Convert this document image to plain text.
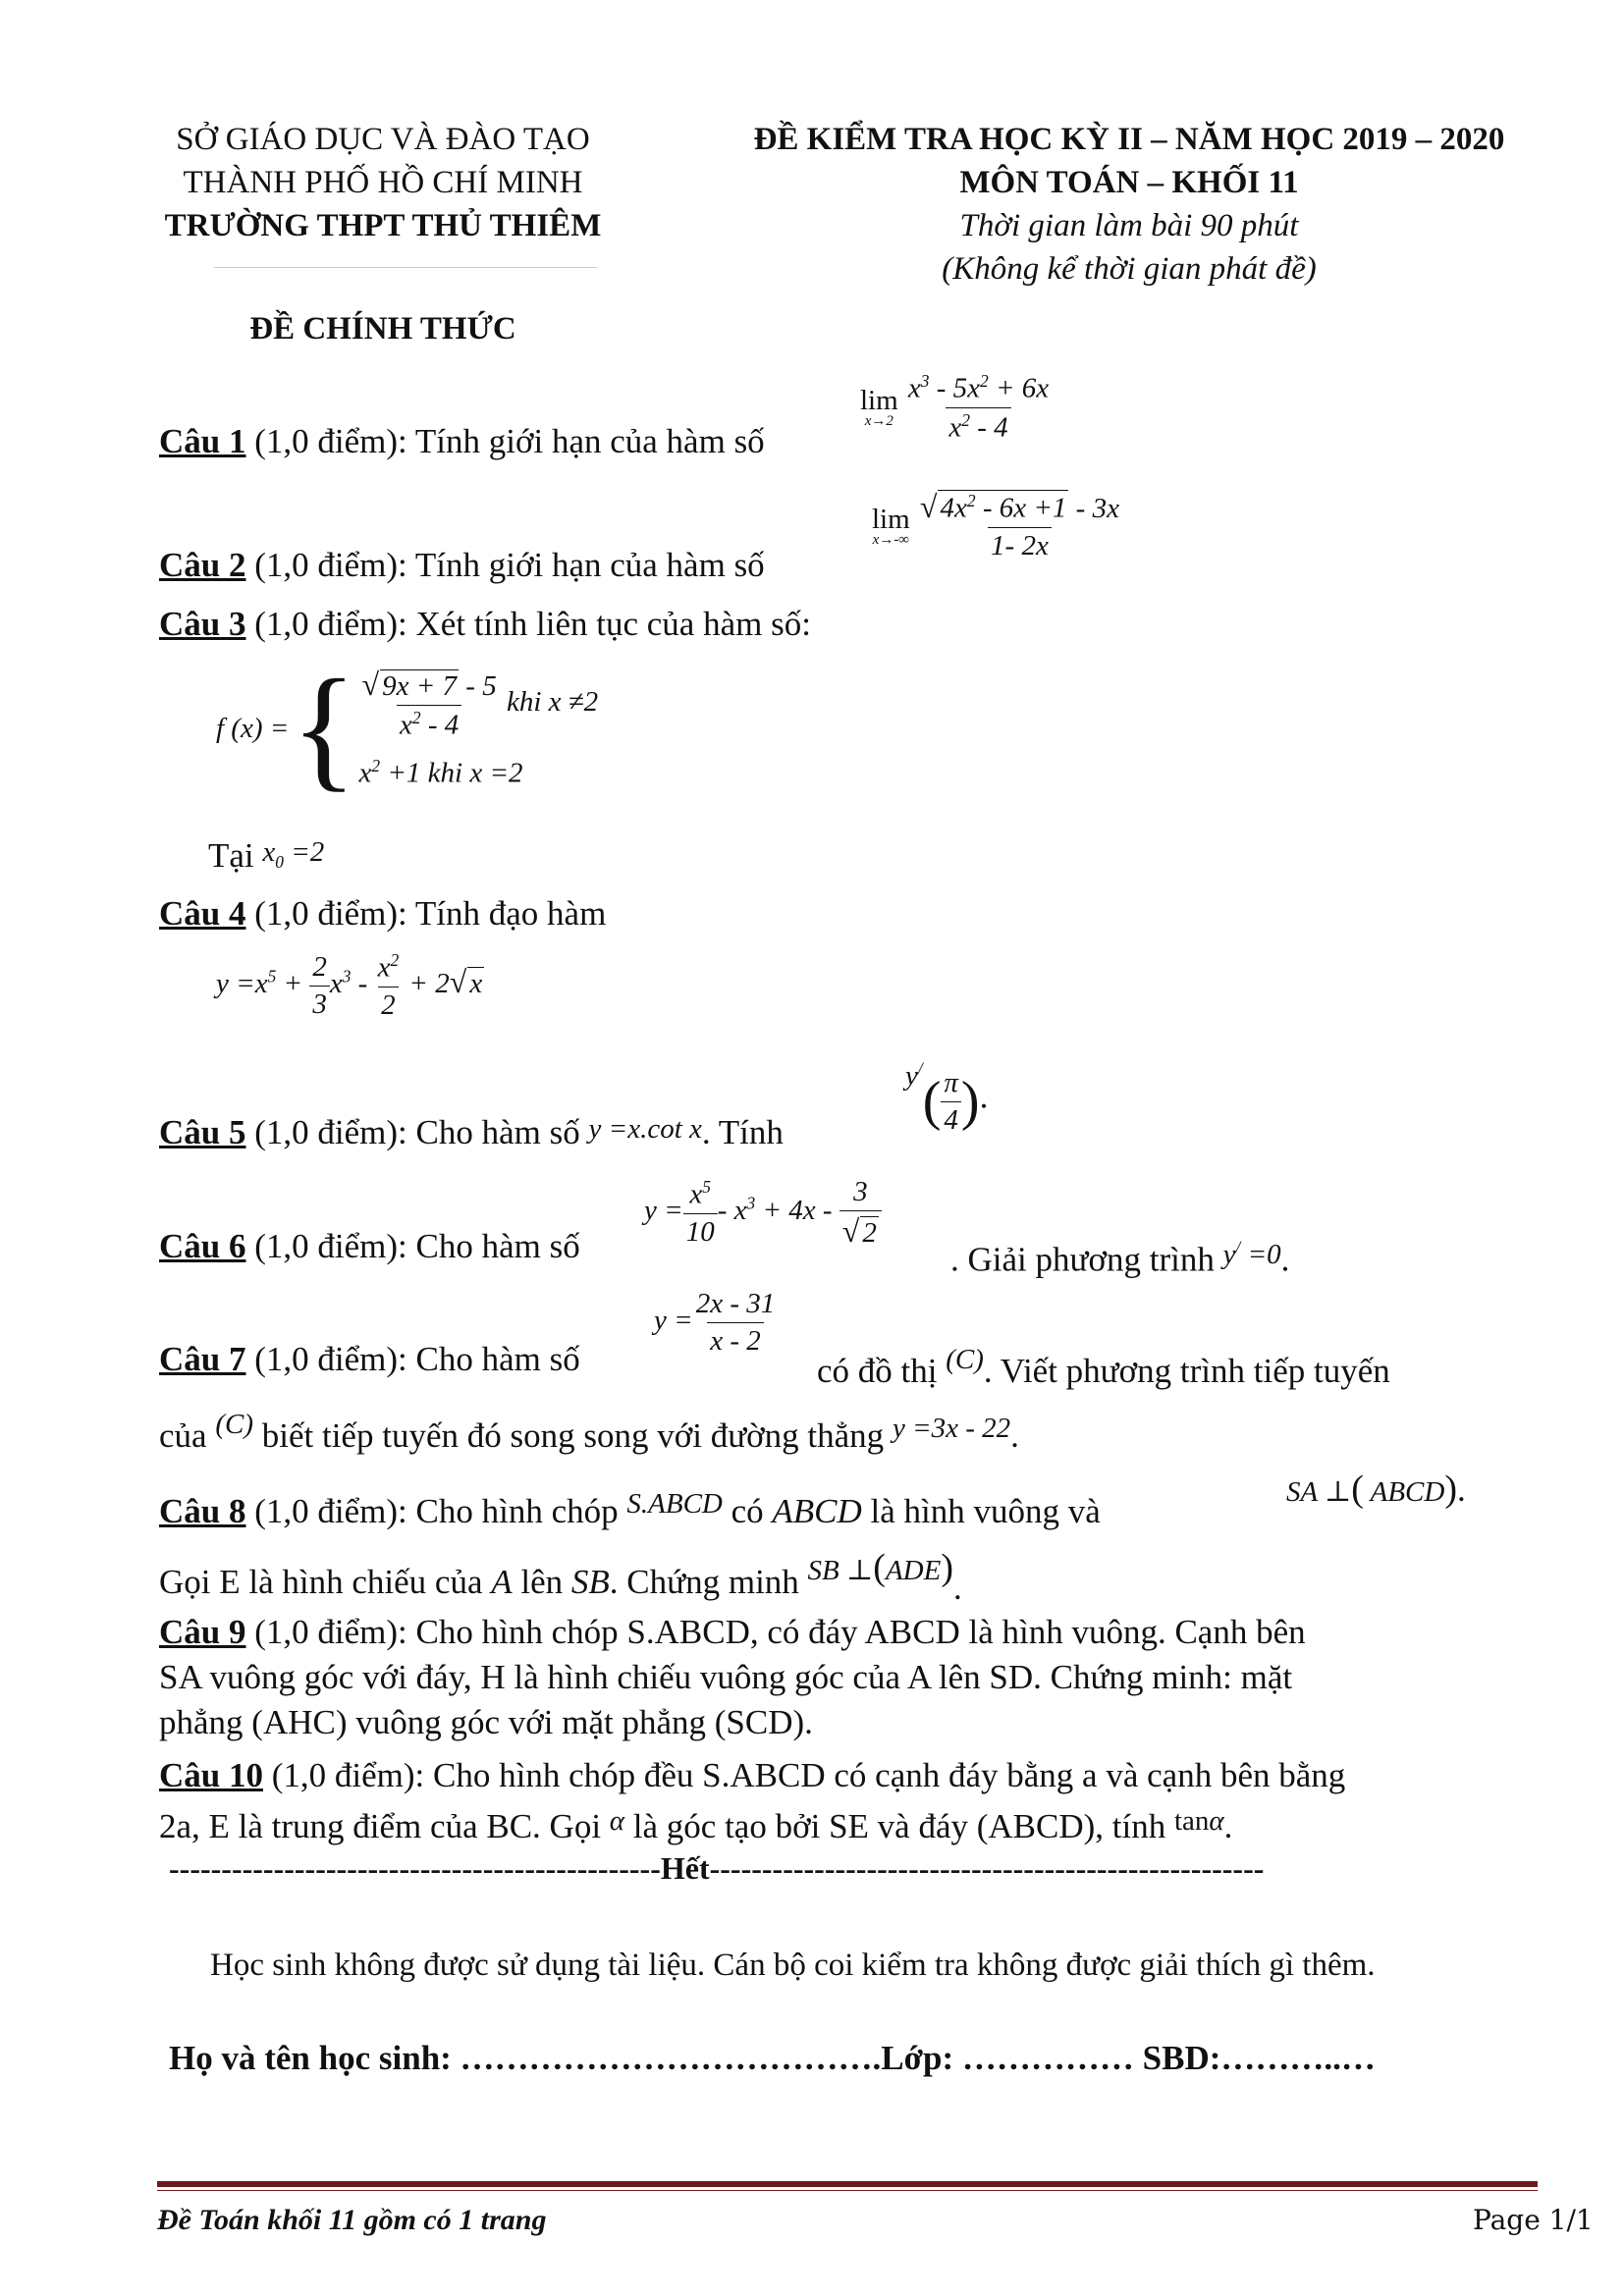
SỞ GIÁO DỤC VÀ ĐÀO TẠO
THÀNH PHỐ HỒ CHÍ MINH
TRƯỜNG THPT THỦ THIÊM
ĐỀ CHÍNH THỨC
ĐỀ KIỂM TRA HỌC KỲ II – NĂM HỌC 2019 – 2020
MÔN TOÁN – KHỐI 11
Thời gian làm bài 90 phút
(Không kể thời gian phát đề)
Câu 1 (1,0 điểm): Tính giới hạn của hàm số
lim
x→2
$\frac{x^3 - 5x^2 + 6x}{x^2 - 4}$
Câu 2 (1,0 điểm): Tính giới hạn của hàm số
lim
x→-∞
$\frac{√ 4x^2 - 6x +1 - 3x}{1- 2x}$
Câu 3 (1,0 điểm): Xét tính liên tục của hàm số:
f (x) = { $\frac{√ 9x + 7 - 5}{x^2 - 4}$ khi x ≠2
$x^2 +1$ khi x =2
Tại $x_0 =2$
Câu 4 (1,0 điểm): Tính đạo hàm
$y =x^5 + \frac{2}{3} x^3 - \frac{x^2}{2} + 2√$ x
Câu 5 (1,0 điểm): Cho hàm số y =x.cot x. Tính
$y^/( \frac{\pi}{4}$ ).
Câu 6 (1,0 điểm): Cho hàm số
$y = \frac{x^5}{10} - x^3 + 4x - \frac{3}{√ 2}$
. Giải phương trình $^{y^/ =0}$.
Câu 7 (1,0 điểm): Cho hàm số
$y = \frac{2x - 31}{x - 2}$
có đồ thị $^{(C)}$. Viết phương trình tiếp tuyến
của $^{(C)}$ biết tiếp tuyến đó song song với đường thẳng $^{y =3x - 22}$.
Câu 8 (1,0 điểm): Cho hình chóp $^{S.ABCD}$ có ABCD là hình vuông và	SA ⊥( ABCD).
Gọi E là hình chiếu của A lên SB. Chứng minh $^{SB \perp(ADE)}$.
Câu 9 (1,0 điểm): Cho hình chóp S.ABCD, có đáy ABCD là hình vuông. Cạnh bên
SA vuông góc với đáy, H là hình chiếu vuông góc của A lên SD. Chứng minh: mặt
phẳng (AHC) vuông góc với mặt phẳng (SCD).
Câu 10 (1,0 điểm): Cho hình chóp đều S.ABCD có cạnh đáy bằng a và cạnh bên bằng
2a, E là trung điểm của BC. Gọi $^\alpha$ là góc tạo bởi SE và đáy (ABCD), tính $^{tan\alpha}$.
-----------------------------------------------Hết-----------------------------------------------------
Học sinh không được sử dụng tài liệu. Cán bộ coi kiểm tra không được giải thích gì thêm.
Họ và tên học sinh: ……………………………….Lớp: …………… SBD:………..…
Đề Toán khối 11 gồm có 1 trang	Page 1/1
